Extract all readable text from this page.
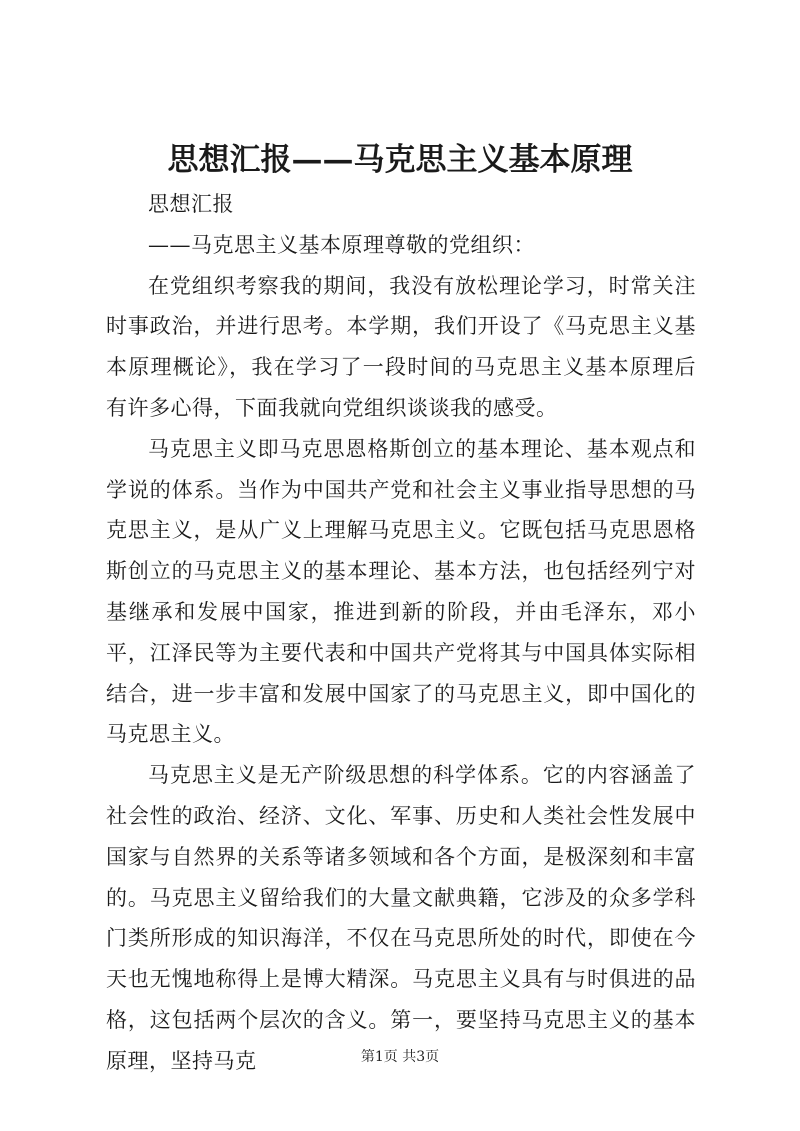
思想汇报——马克思主义基本原理

思想汇报

——马克思主义基本原理尊敬的党组织：

在党组织考察我的期间，我没有放松理论学习，时常关注时事政治，并进行思考。本学期，我们开设了《马克思主义基本原理概论》，我在学习了一段时间的马克思主义基本原理后有许多心得，下面我就向党组织谈谈我的感受。

马克思主义即马克思恩格斯创立的基本理论、基本观点和学说的体系。当作为中国共产党和社会主义事业指导思想的马克思主义，是从广义上理解马克思主义。它既包括马克思恩格斯创立的马克思主义的基本理论、基本方法，也包括经列宁对基继承和发展中国家，推进到新的阶段，并由毛泽东，邓小平，江泽民等为主要代表和中国共产党将其与中国具体实际相结合，进一步丰富和发展中国家了的马克思主义，即中国化的马克思主义。

马克思主义是无产阶级思想的科学体系。它的内容涵盖了社会性的政治、经济、文化、军事、历史和人类社会性发展中国家与自然界的关系等诸多领域和各个方面，是极深刻和丰富的。马克思主义留给我们的大量文献典籍，它涉及的众多学科门类所形成的知识海洋，不仅在马克思所处的时代，即使在今天也无愧地称得上是博大精深。马克思主义具有与时俱进的品格，这包括两个层次的含义。第一，要坚持马克思主义的基本原理，坚持马克	第1页 共3页
